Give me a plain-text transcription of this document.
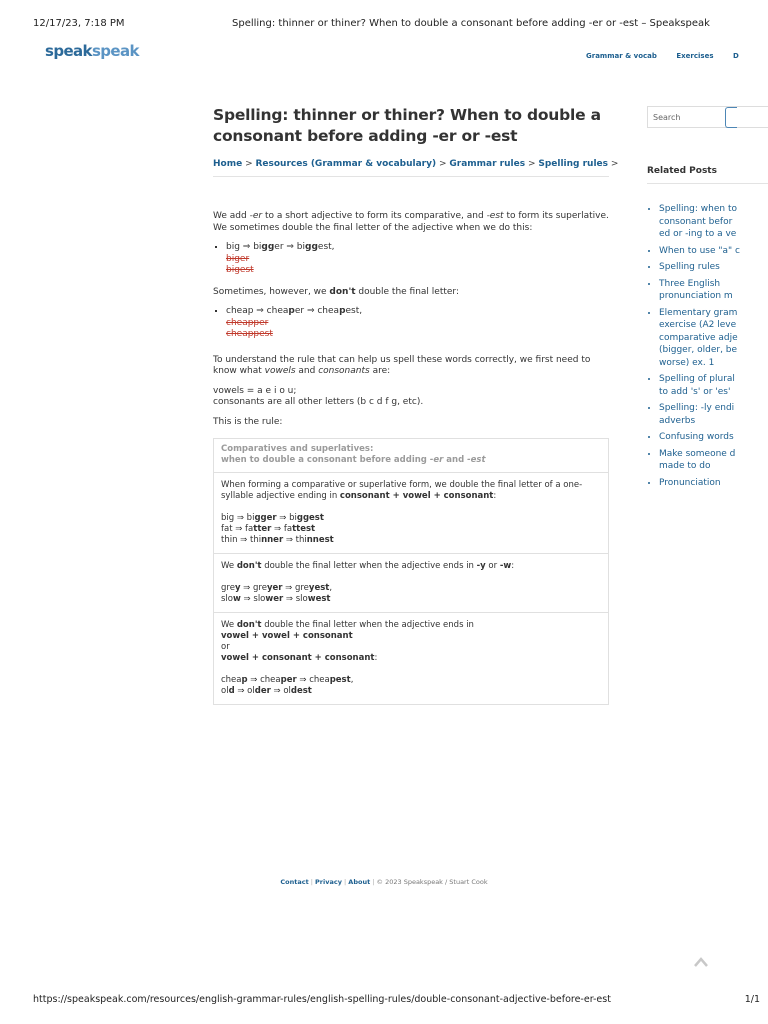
12/17/23, 7:18 PM	Spelling: thinner or thiner? When to double a consonant before adding -er or -est – Speakspeak
speakspeak	Grammar & vocab	Exercises	D
Spelling: thinner or thiner? When to double a consonant before adding -er or -est
Home > Resources (Grammar & vocabulary) > Grammar rules > Spelling rules >

We add -er to a short adjective to form its comparative, and -est to form its superlative. We sometimes double the final letter of the adjective when we do this:

▪ big ⇒ bigger ⇒ biggest,
biger
bigest

Sometimes, however, we don't double the final letter:

▪ cheap ⇒ cheaper ⇒ cheapest,
cheapper
cheappest

To understand the rule that can help us spell these words correctly, we first need to know what vowels and consonants are:

vowels = a e i o u;
consonants are all other letters (b c d f g, etc).

This is the rule:

Comparatives and superlatives:
when to double a consonant before adding -er and -est
When forming a comparative or superlative form, we double the final letter of a one-syllable adjective ending in consonant + vowel + consonant:
big ⇒ bigger ⇒ biggest
fat ⇒ fatter ⇒ fattest
thin ⇒ thinner ⇒ thinnest
We don't double the final letter when the adjective ends in -y or -w:
grey ⇒ greyer ⇒ greyest,
slow ⇒ slower ⇒ slowest
We don't double the final letter when the adjective ends in
vowel + vowel + consonant
or
vowel + consonant + consonant:
cheap ⇒ cheaper ⇒ cheapest,
old ⇒ older ⇒ oldest
Search
Related Posts
• Spelling: when to
consonant befor
ed or -ing to a ve
• When to use "a" c
• Spelling rules
• Three English
pronunciation m
• Elementary gram
exercise (A2 leve
comparative adje
(bigger, older, be
worse) ex. 1
• Spelling of plural
to add 's' or 'es'
• Spelling: -ly endi
adverbs
• Confusing words
• Make someone d
made to do
• Pronunciation
Contact | Privacy | About | © 2023 Speakspeak / Stuart Cook
https://speakspeak.com/resources/english-grammar-rules/english-spelling-rules/double-consonant-adjective-before-er-est	1/1
